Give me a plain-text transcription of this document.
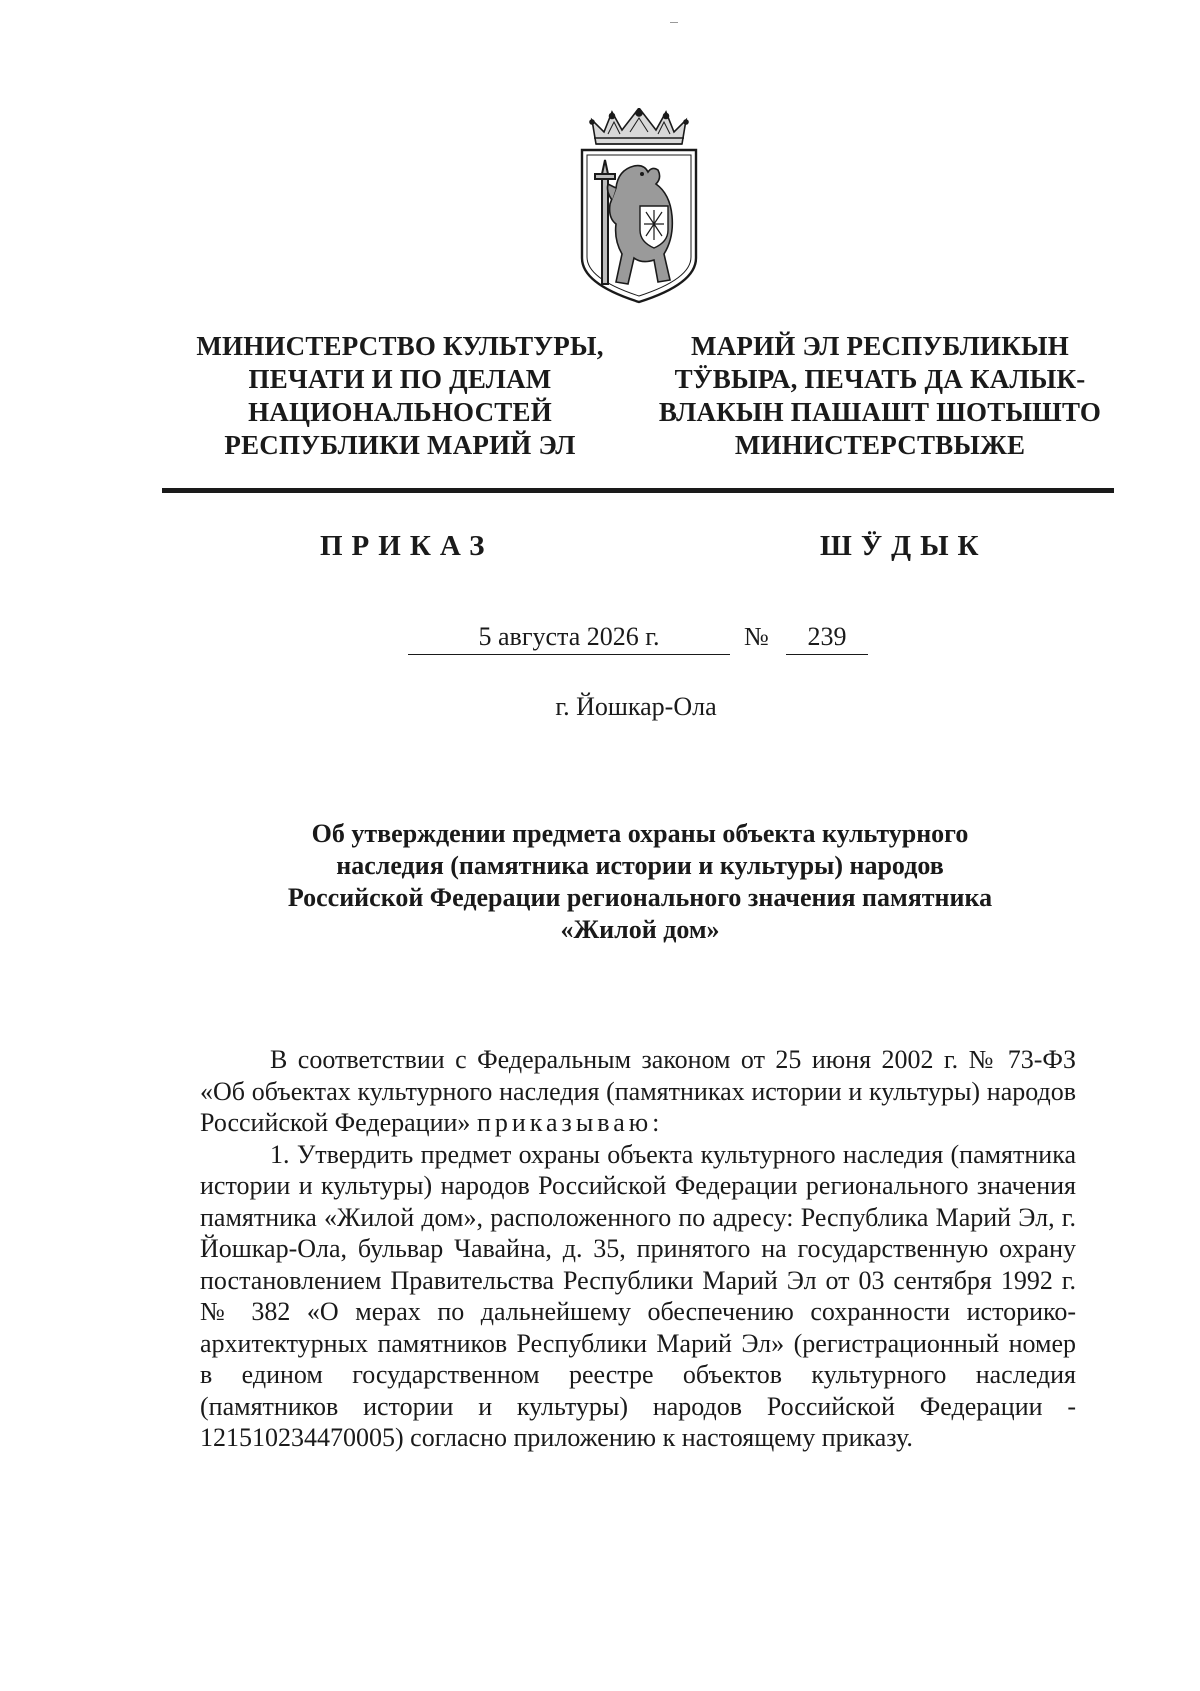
МИНИСТЕРСТВО КУЛЬТУРЫ,
ПЕЧАТИ И ПО ДЕЛАМ
НАЦИОНАЛЬНОСТЕЙ
РЕСПУБЛИКИ МАРИЙ ЭЛ
МАРИЙ ЭЛ РЕСПУБЛИКЫН
ТӰВЫРА, ПЕЧАТЬ ДА КАЛЫК-
ВЛАКЫН ПАШАШТ ШОТЫШТО
МИНИСТЕРСТВЫЖЕ
ПРИКАЗ	ШӰДЫК
5 августа 2026 г.	№	239
г. Йошкар-Ола
Об утверждении предмета охраны объекта культурного
наследия (памятника истории и культуры) народов
Российской Федерации регионального значения памятника
«Жилой дом»

В соответствии с Федеральным законом от 25 июня 2002 г. № 73-ФЗ «Об объектах культурного наследия (памятниках истории и культуры) народов Российской Федерации» приказываю:

1. Утвердить предмет охраны объекта культурного наследия (памятника истории и культуры) народов Российской Федерации регионального значения памятника «Жилой дом», расположенного по адресу: Республика Марий Эл, г. Йошкар-Ола, бульвар Чавайна, д. 35, принятого на государственную охрану постановлением Правительства Республики Марий Эл от 03 сентября 1992 г. № 382 «О мерах по дальнейшему обеспечению сохранности историко-архитектурных памятников Республики Марий Эл» (регистрационный номер в едином государственном реестре объектов культурного наследия (памятников истории и культуры) народов Российской Федерации - 121510234470005) согласно приложению к настоящему приказу.
